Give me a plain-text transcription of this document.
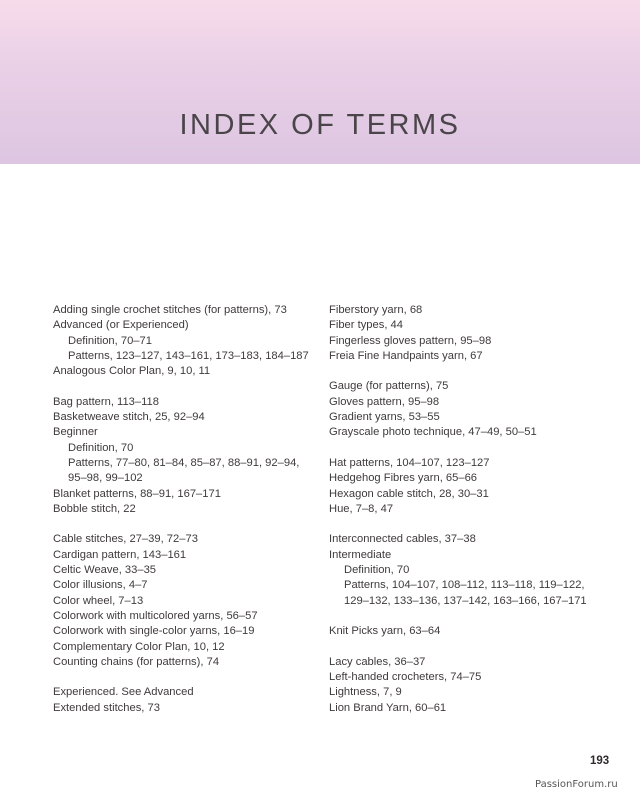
INDEX OF TERMS
Adding single crochet stitches (for patterns), 73
Advanced (or Experienced)
Definition, 70–71
Patterns, 123–127, 143–161, 173–183, 184–187
Analogous Color Plan, 9, 10, 11
Bag pattern, 113–118
Basketweave stitch, 25, 92–94
Beginner
Definition, 70
Patterns, 77–80, 81–84, 85–87, 88–91, 92–94,
95–98, 99–102
Blanket patterns, 88–91, 167–171
Bobble stitch, 22
Cable stitches, 27–39, 72–73
Cardigan pattern, 143–161
Celtic Weave, 33–35
Color illusions, 4–7
Color wheel, 7–13
Colorwork with multicolored yarns, 56–57
Colorwork with single-color yarns, 16–19
Complementary Color Plan, 10, 12
Counting chains (for patterns), 74
Experienced. See Advanced
Extended stitches, 73
Fiberstory yarn, 68
Fiber types, 44
Fingerless gloves pattern, 95–98
Freia Fine Handpaints yarn, 67
Gauge (for patterns), 75
Gloves pattern, 95–98
Gradient yarns, 53–55
Grayscale photo technique, 47–49, 50–51
Hat patterns, 104–107, 123–127
Hedgehog Fibres yarn, 65–66
Hexagon cable stitch, 28, 30–31
Hue, 7–8, 47
Interconnected cables, 37–38
Intermediate
Definition, 70
Patterns, 104–107, 108–112, 113–118, 119–122,
129–132, 133–136, 137–142, 163–166, 167–171
Knit Picks yarn, 63–64
Lacy cables, 36–37
Left-handed crocheters, 74–75
Lightness, 7, 9
Lion Brand Yarn, 60–61
193
PassionForum.ru
